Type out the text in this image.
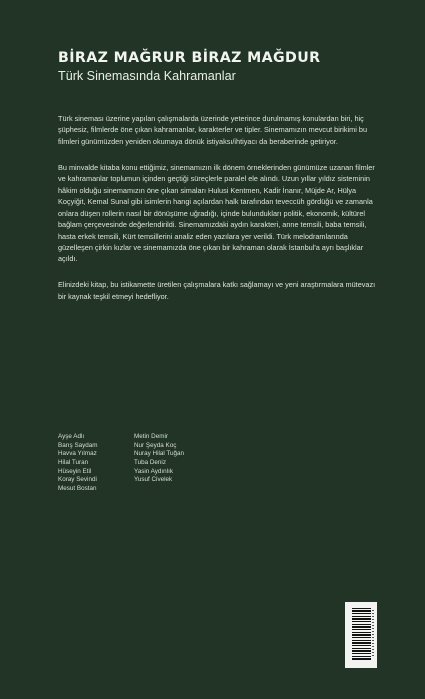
BİRAZ MAĞRUR BİRAZ MAĞDUR
Türk Sinemasında Kahramanlar

Türk sineması üzerine yapılan çalışmalarda üzerinde yeterince durulmamış konulardan biri, hiç şüphesiz, filmlerde öne çıkan kahramanlar, karakterler ve tipler. Sinemamızın mevcut birikimi bu filmleri günümüzden yeniden okumaya dönük istiyaksı/ihtiyacı da beraberinde getiriyor.

Bu minvalde kitaba konu ettiğimiz, sinemamızın ilk dönem örneklerinden günümüze uzanan filmler ve kahramanlar toplumun içinden geçtiği süreçlerle paralel ele alındı. Uzun yıllar yıldız sisteminin hâkim olduğu sinemamızın öne çıkan simaları Hulusi Kentmen, Kadir İnanır, Müjde Ar, Hülya Koçyiğit, Kemal Sunal gibi isimlerin hangi açılardan halk tarafından teveccüh gördüğü ve zamanla onlara düşen rollerin nasıl bir dönüşüme uğradığı, içinde bulundukları politik, ekonomik, kültürel bağlam çerçevesinde değerlendirildi. Sinemamızdaki aydın karakteri, anne temsili, baba temsili, hasta erkek temsili, Kürt temsillerini analiz eden yazılara yer verildi. Türk melodramlarında güzelleşen çirkin kızlar ve sinemamızda öne çıkan bir kahraman olarak İstanbul'a ayrı başlıklar açıldı.

Elinizdeki kitap, bu istikamette üretilen çalışmalara katkı sağlamayı ve yeni araştırmalara mütevazı bir kaynak teşkil etmeyi hedefliyor.

Ayşe Adlı
Barış Saydam
Havva Yılmaz
Hilal Turan
Hüseyin Etil
Koray Sevindi
Mesut Bostan
Metin Demir
Nur Şeyda Koç
Nuray Hilal Tuğan
Tuba Deniz
Yasin Aydınlık
Yusuf Civelek
